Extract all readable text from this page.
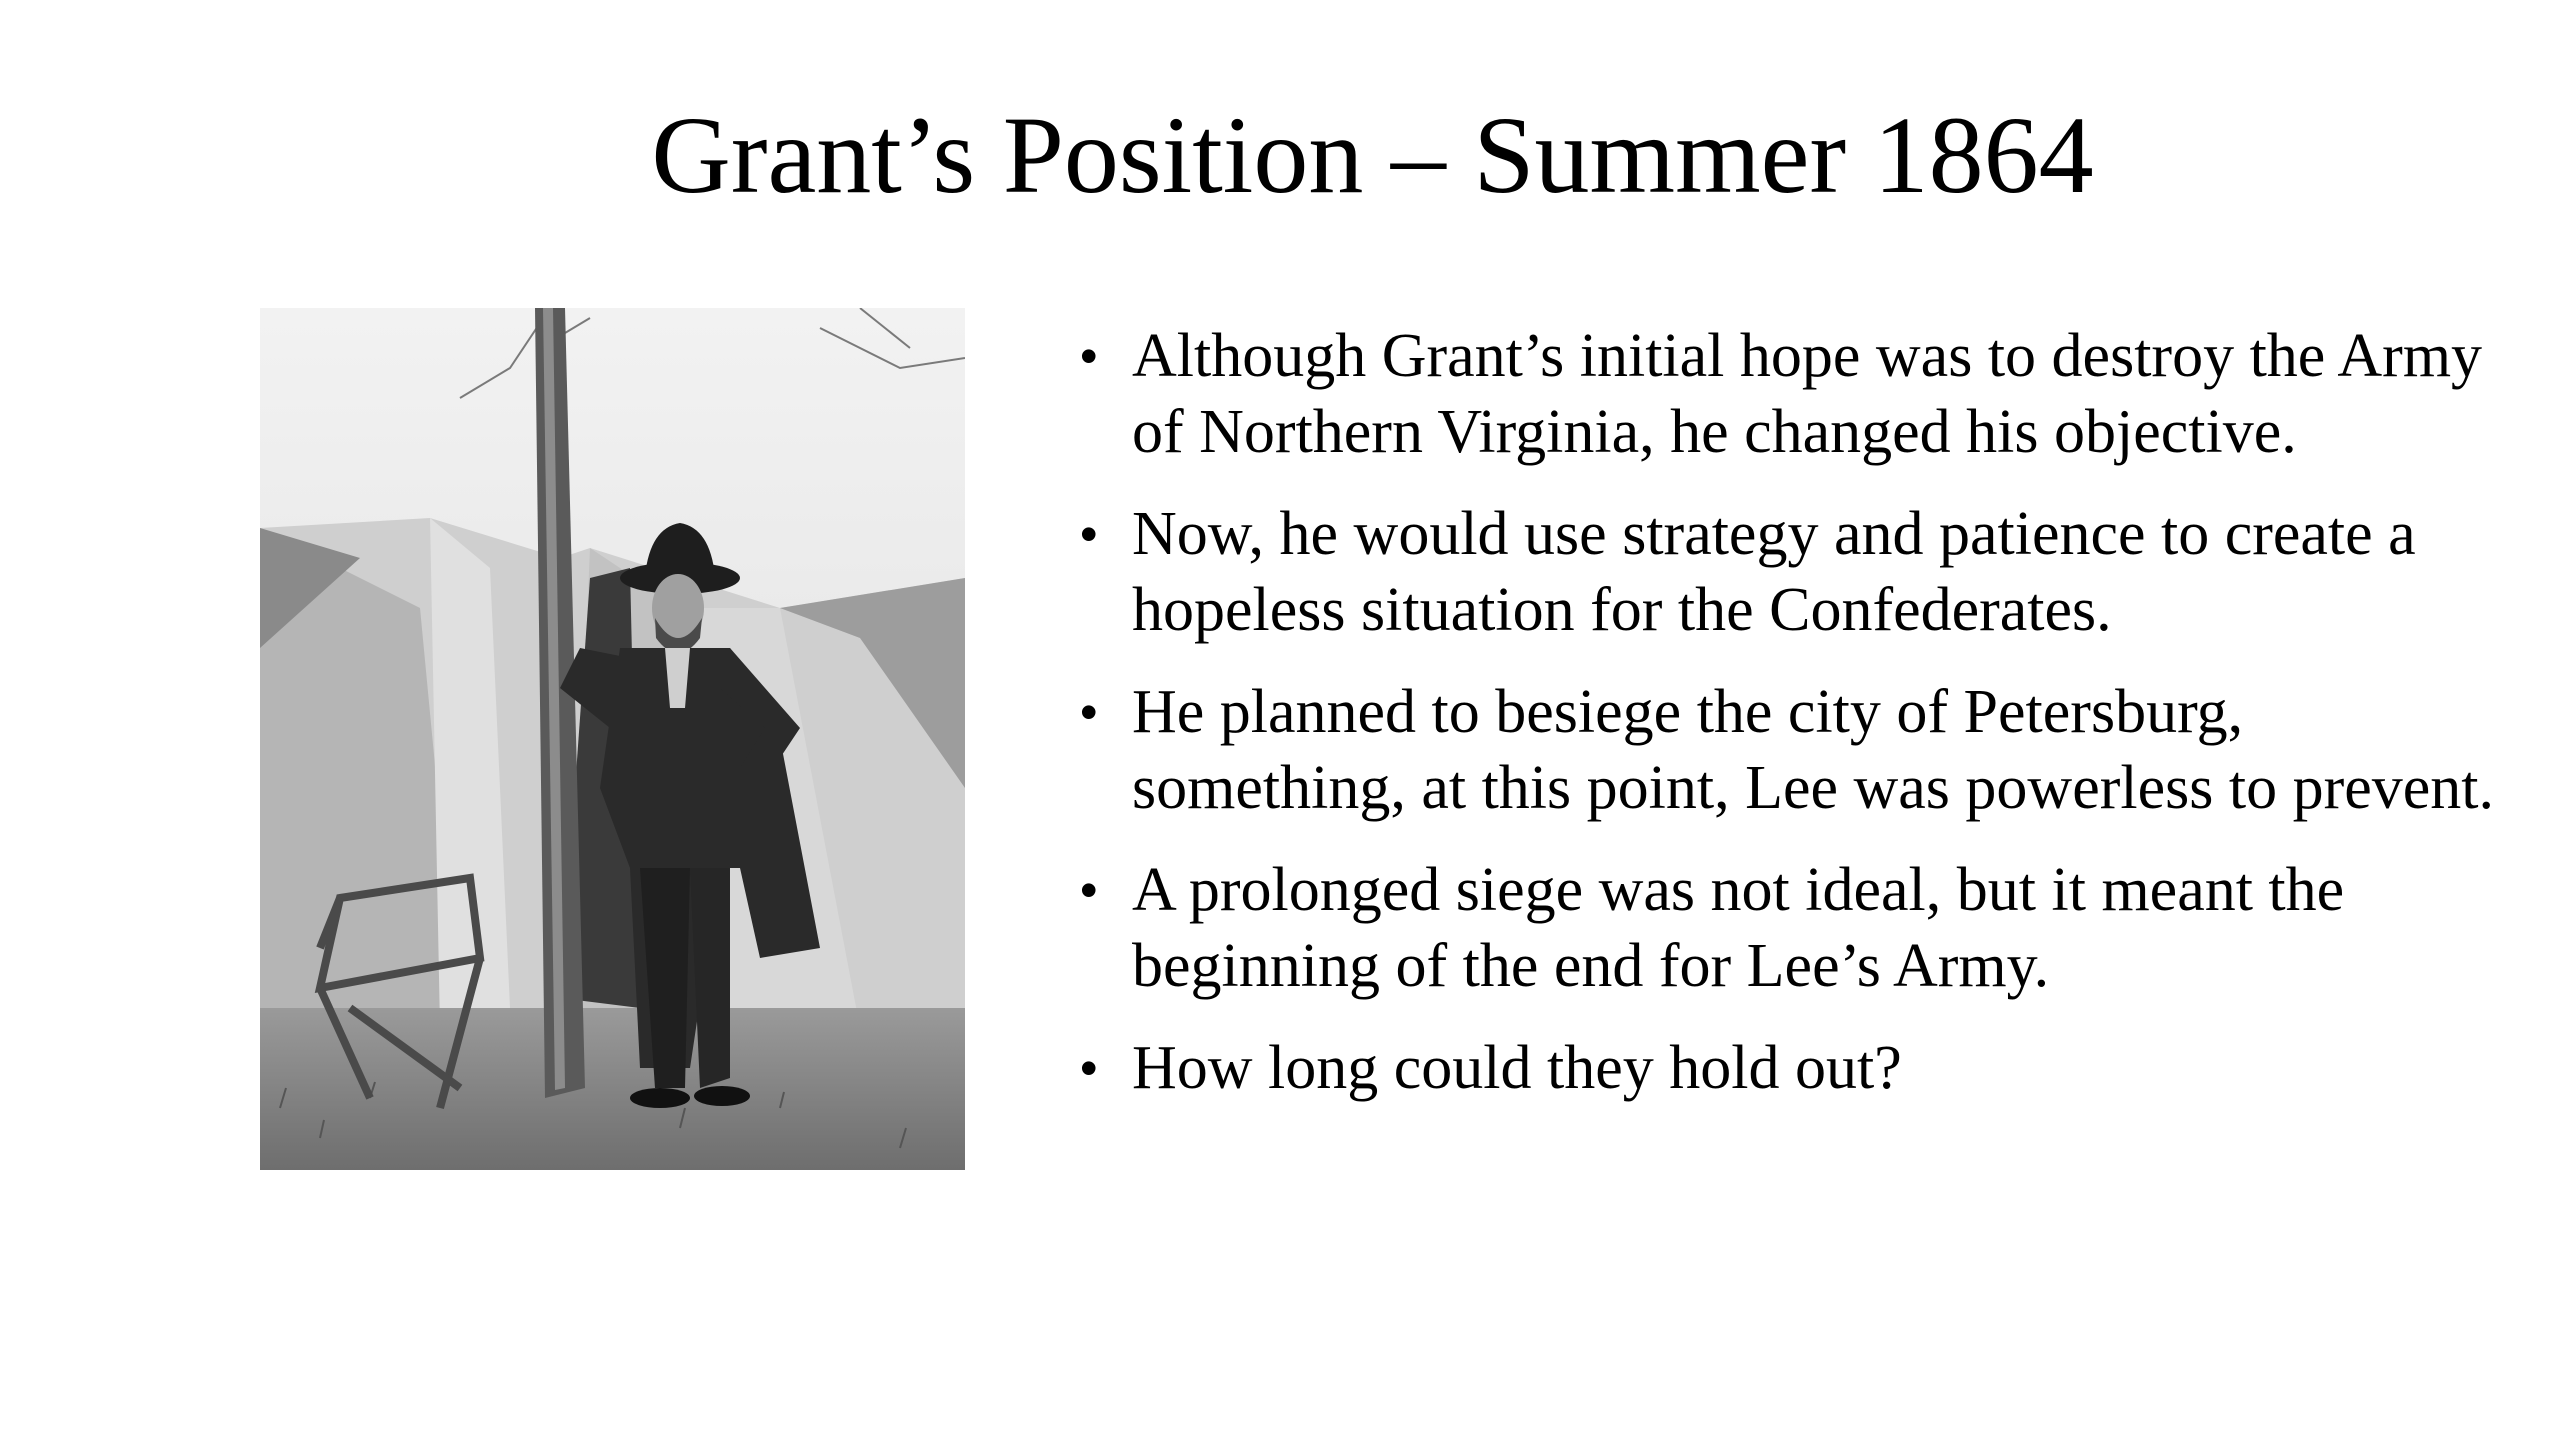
Grant’s Position – Summer 1864
• Although Grant’s initial hope was to destroy the Army of Northern Virginia, he changed his objective.
• Now, he would use strategy and patience to create a hopeless situation for the Confederates.
• He planned to besiege the city of Petersburg, something, at this point, Lee was powerless to prevent.
• A prolonged siege was not ideal, but it meant the beginning of the end for Lee’s Army.
• How long could they hold out?
